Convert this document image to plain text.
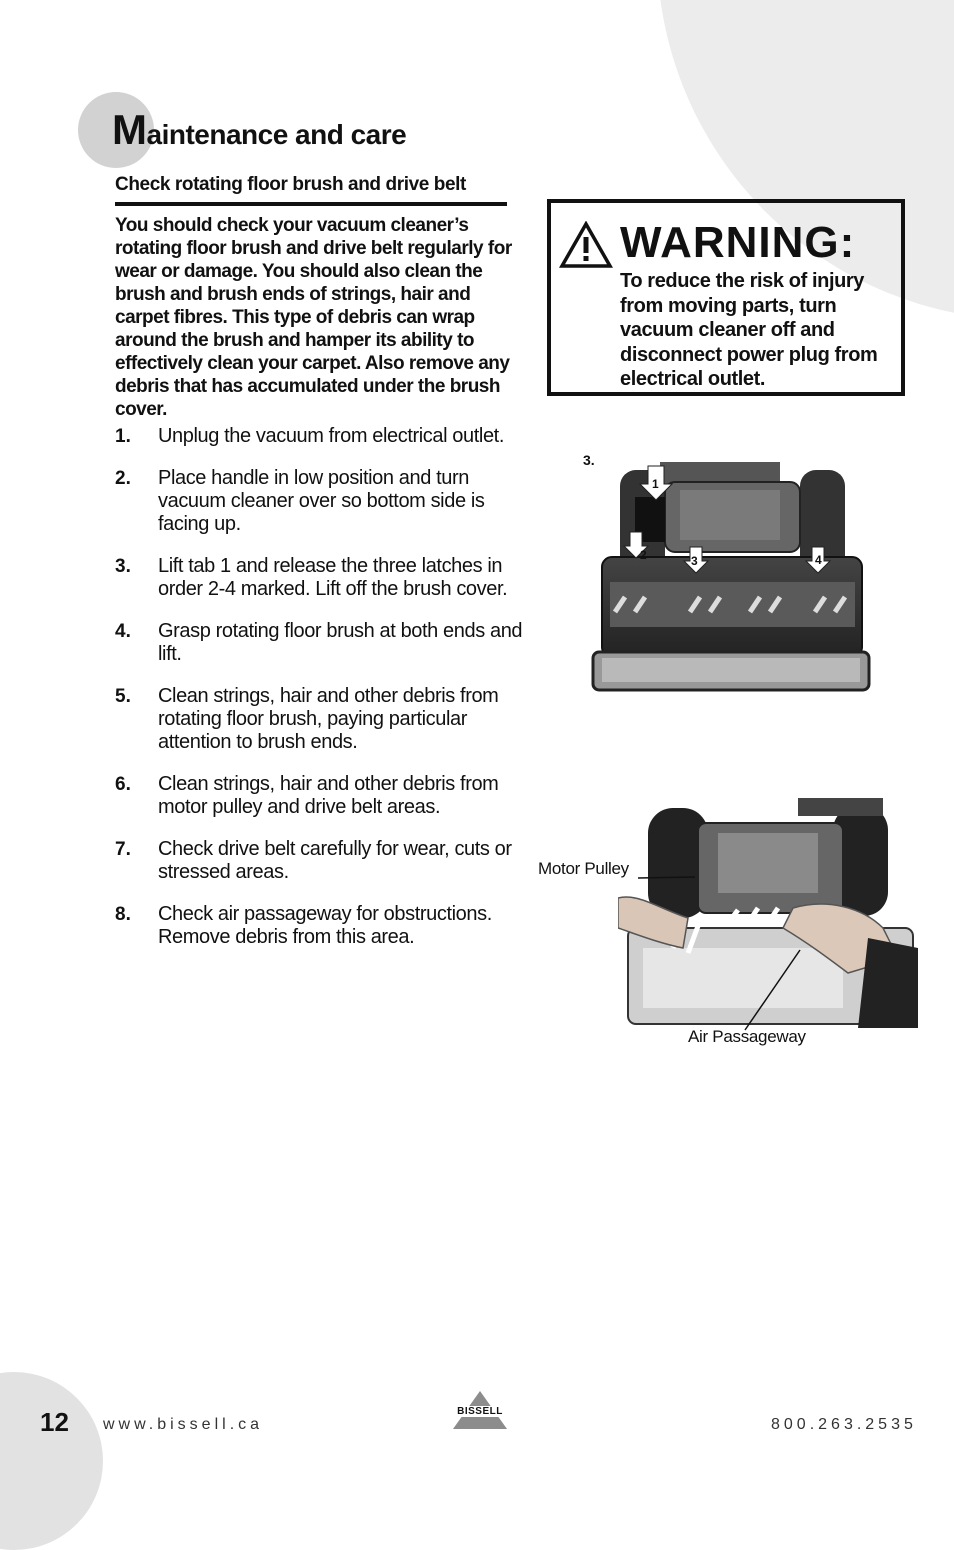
Maintenance and care
Check rotating floor brush and drive belt

You should check your vacuum cleaner’s rotating floor brush and drive belt regularly for wear or damage. You should also clean the brush and brush ends of strings, hair and carpet fibres. This type of debris can wrap around the brush and hamper its ability to effectively clean your carpet. Also remove any debris that has accumulated under the brush cover.

1.	Unplug the vacuum from electrical outlet.
2.	Place handle in low position and turn vacuum cleaner over so bottom side is facing up.
3.	Lift tab 1 and release the three latches in order 2-4 marked. Lift off the brush cover.
4.	Grasp rotating floor brush at both ends and lift.
5.	Clean strings, hair and other debris from rotating floor brush, paying particular attention to brush ends.
6.	Clean strings, hair and other debris from motor pulley and drive belt areas.
7.	Check drive belt carefully for wear, cuts or stressed areas.
8.	Check air passageway for obstructions. Remove debris from this area.
WARNING:

To reduce the risk of injury from moving parts, turn vacuum cleaner off and disconnect power plug from electrical outlet.

3.
1
2	3	4
Motor Pulley
Air Passageway
12 www.bissell.ca
BISSELL
800.263.2535
